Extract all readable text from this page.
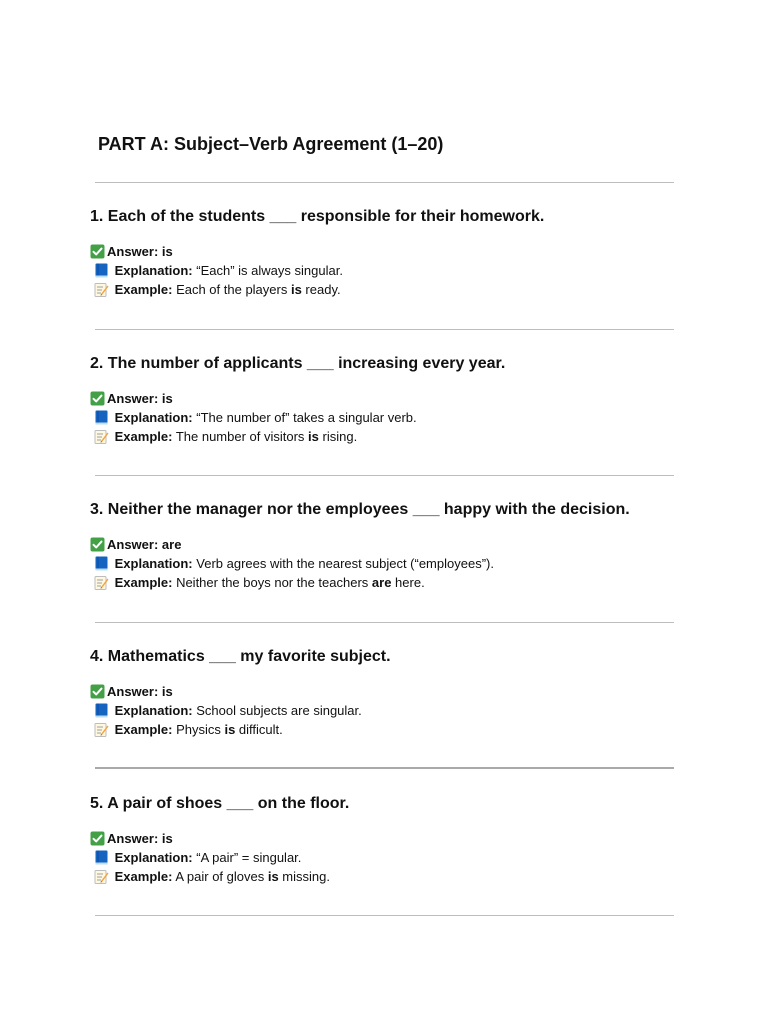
PART A: Subject–Verb Agreement (1–20)

1. Each of the students ___ responsible for their homework.

Answer: is

Explanation: “Each” is always singular.

Example: Each of the players is ready.

2. The number of applicants ___ increasing every year.

Answer: is

Explanation: “The number of” takes a singular verb.

Example: The number of visitors is rising.

3. Neither the manager nor the employees ___ happy with the decision.

Answer: are

Explanation: Verb agrees with the nearest subject (“employees”).

Example: Neither the boys nor the teachers are here.

4. Mathematics ___ my favorite subject.

Answer: is

Explanation: School subjects are singular.

Example: Physics is difficult.

5. A pair of shoes ___ on the floor.

Answer: is

Explanation: “A pair” = singular.

Example: A pair of gloves is missing.
